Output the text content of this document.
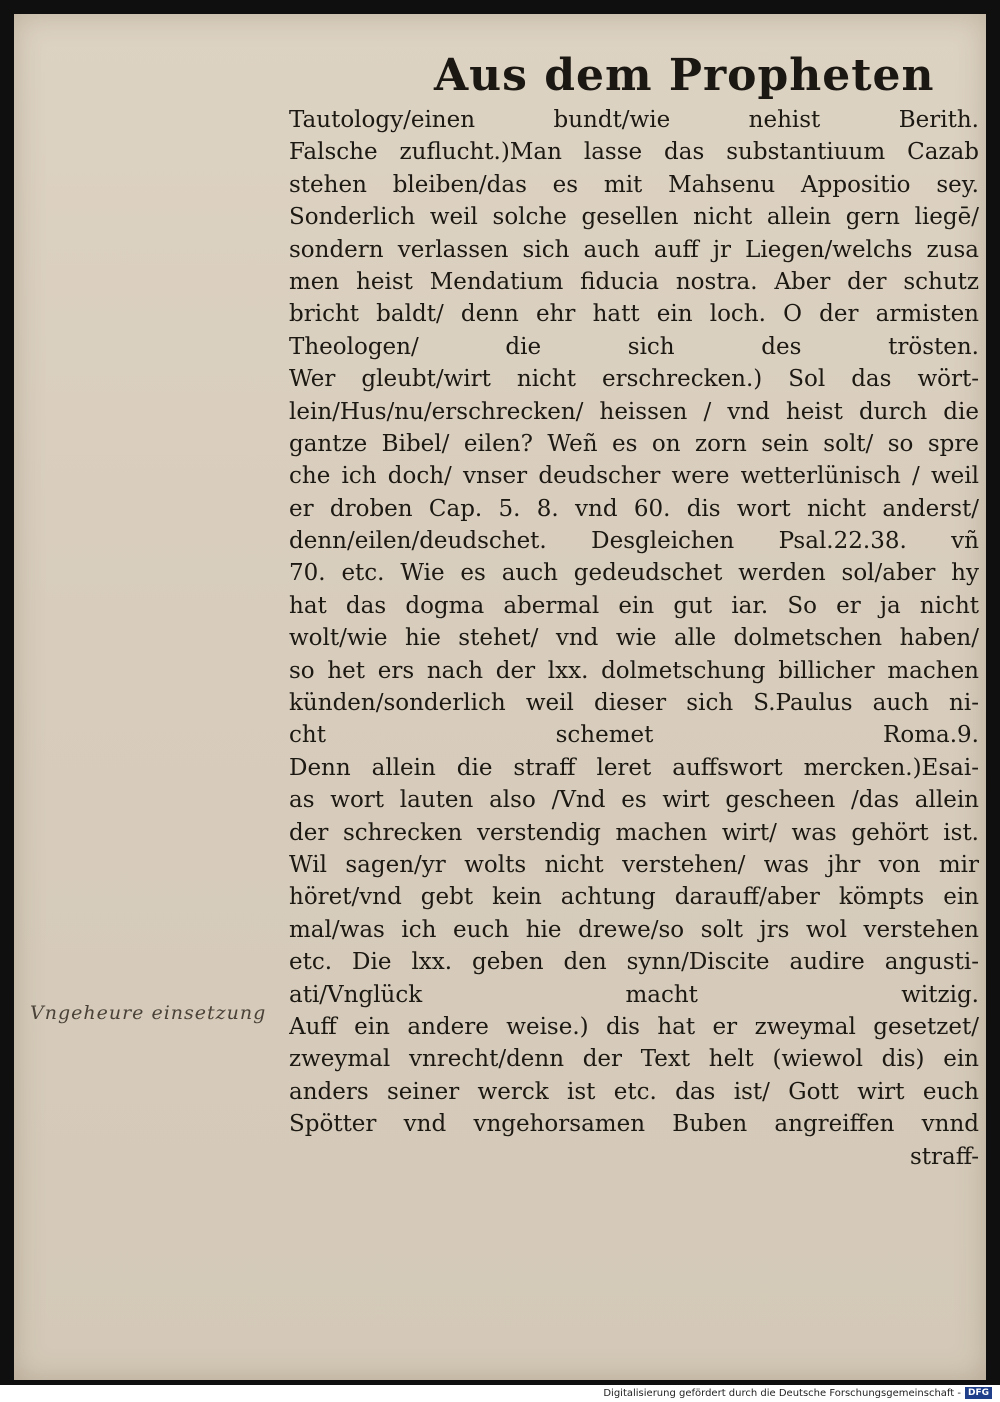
Aus dem Propheten
Tautology/einen bundt/wie nehist Berith.
Falsche zuflucht.)Man lasse das substantiuum Cazab
stehen bleiben/das es mit Mahsenu Appositio sey.
Sonderlich weil solche gesellen nicht allein gern liegē/
sondern verlassen sich auch auff jr Liegen/welchs zusa
men heist Mendatium fiducia nostra. Aber der schutz
bricht baldt/ denn ehr hatt ein loch. O der armisten
Theologen/ die sich des trösten.
Wer gleubt/wirt nicht erschrecken.) Sol das wört-
lein/Hus/nu/erschrecken/ heissen / vnd heist durch die
gantze Bibel/ eilen? Weñ es on zorn sein solt/ so spre
che ich doch/ vnser deudscher were wetterlünisch / weil
er droben Cap. 5. 8. vnd 60. dis wort nicht anderst/
denn/eilen/deudschet. Desgleichen Psal.22.38. vñ
70. etc. Wie es auch gedeudschet werden sol/aber hy
hat das dogma abermal ein gut iar. So er ja nicht
wolt/wie hie stehet/ vnd wie alle dolmetschen haben/
so het ers nach der lxx. dolmetschung billicher machen
künden/sonderlich weil dieser sich S.Paulus auch ni-
cht schemet Roma.9.
Denn allein die straff leret auffswort mercken.)Esai-
as wort lauten also /Vnd es wirt gescheen /das allein
der schrecken verstendig machen wirt/ was gehört ist.
Wil sagen/yr wolts nicht verstehen/ was jhr von mir
höret/vnd gebt kein achtung darauff/aber kömpts ein
mal/was ich euch hie drewe/so solt jrs wol verstehen
etc. Die lxx. geben den synn/Discite audire angusti-
ati/Vnglück macht witzig.
Auff ein andere weise.) dis hat er zweymal gesetzet/
zweymal vnrecht/denn der Text helt (wiewol dis) ein
anders seiner werck ist etc. das ist/ Gott wirt euch
Spötter vnd vngehorsamen Buben angreiffen vnnd
straff-
Vngeheure einsetzung
Digitalisierung gefördert durch die Deutsche Forschungsgemeinschaft - DFG
